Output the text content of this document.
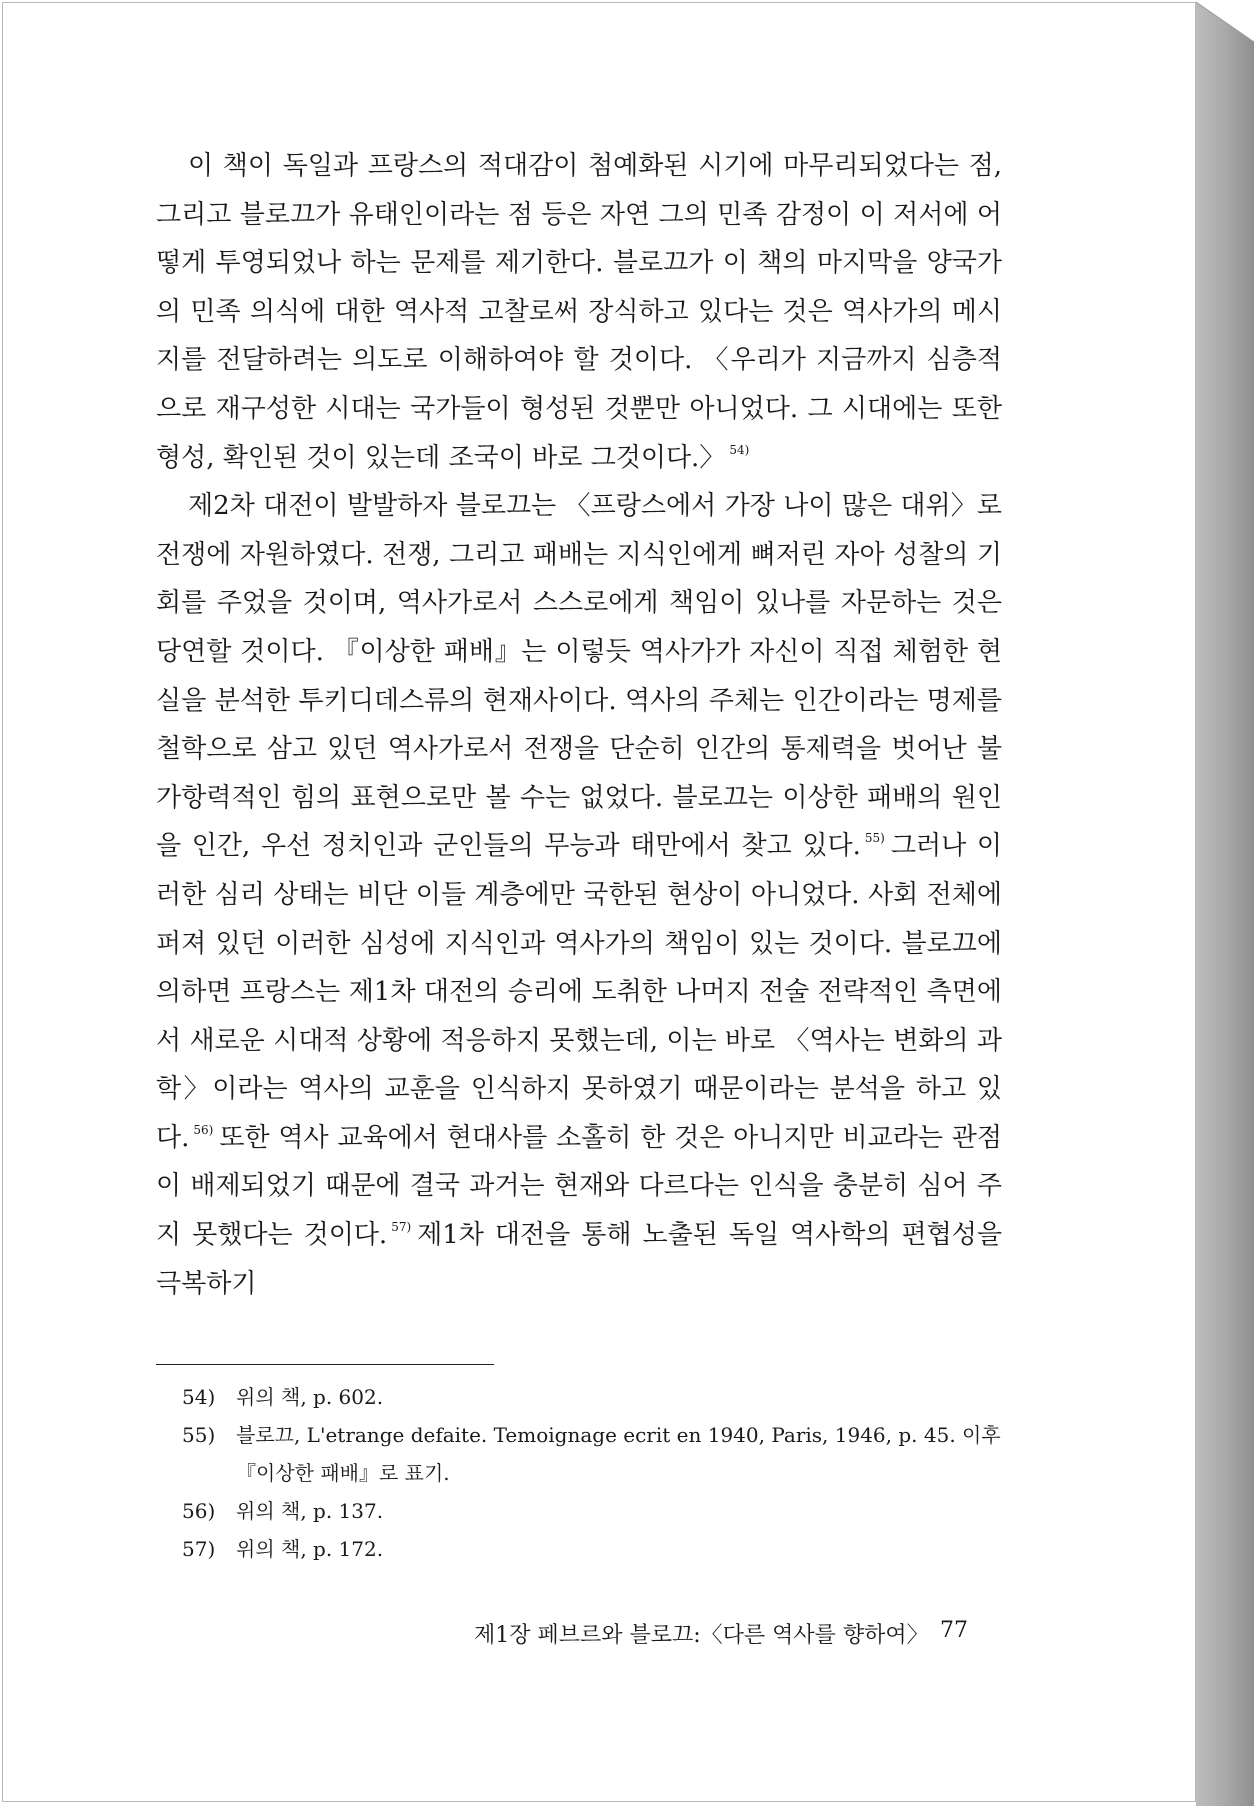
이 책이 독일과 프랑스의 적대감이 첨예화된 시기에 마무리되었다는 점, 그리고 블로끄가 유태인이라는 점 등은 자연 그의 민족 감정이 이 저서에 어떻게 투영되었나 하는 문제를 제기한다. 블로끄가 이 책의 마지막을 양국가의 민족 의식에 대한 역사적 고찰로써 장식하고 있다는 것은 역사가의 메시지를 전달하려는 의도로 이해하여야 할 것이다. 〈우리가 지금까지 심층적으로 재구성한 시대는 국가들이 형성된 것뿐만 아니었다. 그 시대에는 또한 형성, 확인된 것이 있는데 조국이 바로 그것이다.〉 $^{54)}$

제2차 대전이 발발하자 블로끄는 〈프랑스에서 가장 나이 많은 대위〉로 전쟁에 자원하였다. 전쟁, 그리고 패배는 지식인에게 뼈저린 자아 성찰의 기회를 주었을 것이며, 역사가로서 스스로에게 책임이 있나를 자문하는 것은 당연할 것이다. 『이상한 패배』는 이렇듯 역사가가 자신이 직접 체험한 현실을 분석한 투키디데스류의 현재사이다. 역사의 주체는 인간이라는 명제를 철학으로 삼고 있던 역사가로서 전쟁을 단순히 인간의 통제력을 벗어난 불가항력적인 힘의 표현으로만 볼 수는 없었다. 블로끄는 이상한 패배의 원인을 인간, 우선 정치인과 군인들의 무능과 태만에서 찾고 있다. $^{55)}$ 그러나 이러한 심리 상태는 비단 이들 계층에만 국한된 현상이 아니었다. 사회 전체에 퍼져 있던 이러한 심성에 지식인과 역사가의 책임이 있는 것이다. 블로끄에 의하면 프랑스는 제1차 대전의 승리에 도취한 나머지 전술 전략적인 측면에서 새로운 시대적 상황에 적응하지 못했는데, 이는 바로 〈역사는 변화의 과학〉이라는 역사의 교훈을 인식하지 못하였기 때문이라는 분석을 하고 있다. $^{56)}$ 또한 역사 교육에서 현대사를 소홀히 한 것은 아니지만 비교라는 관점이 배제되었기 때문에 결국 과거는 현재와 다르다는 인식을 충분히 심어 주지 못했다는 것이다. $^{57)}$ 제1차 대전을 통해 노출된 독일 역사학의 편협성을 극복하기

54) 위의 책, p. 602.
55)	블로끄, L'etrange defaite. Temoignage ecrit en 1940, Paris, 1946, p. 45. 이후 『이상한 패배』로 표기.
56) 위의 책, p. 137.
57) 위의 책, p. 172.
제1장 페브르와 블로끄:〈다른 역사를 향하여〉 77
